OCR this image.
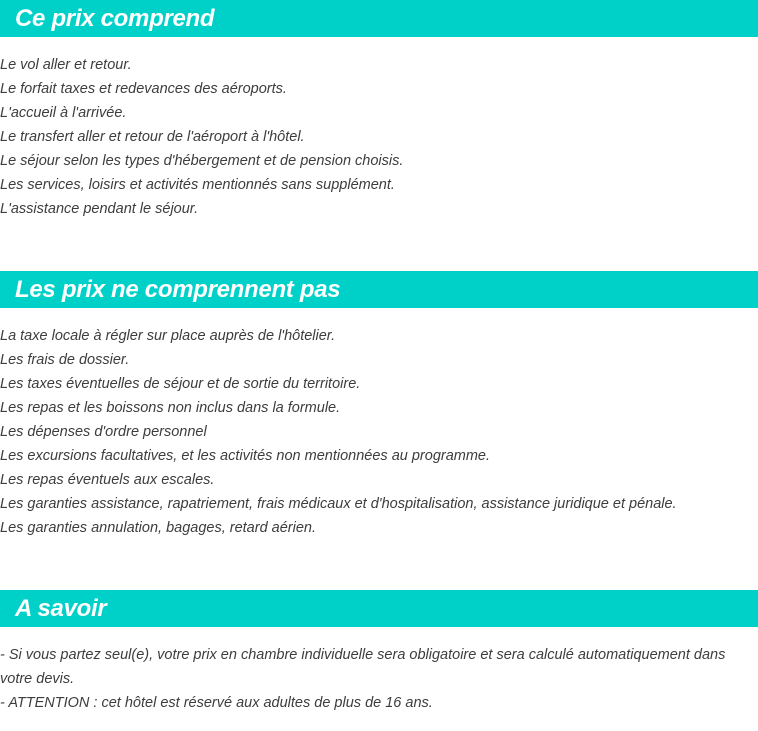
Ce prix comprend
Le vol aller et retour.
Le forfait taxes et redevances des aéroports.
L'accueil à l'arrivée.
Le transfert aller et retour de l'aéroport à l'hôtel.
Le séjour selon les types d'hébergement et de pension choisis.
Les services, loisirs et activités mentionnés sans supplément.
L'assistance pendant le séjour.
Les prix ne comprennent pas
La taxe locale à régler sur place auprès de l'hôtelier.
Les frais de dossier.
Les taxes éventuelles de séjour et de sortie du territoire.
Les repas et les boissons non inclus dans la formule.
Les dépenses d'ordre personnel
Les excursions facultatives, et les activités non mentionnées au programme.
Les repas éventuels aux escales.
Les garanties assistance, rapatriement, frais médicaux et d'hospitalisation, assistance juridique et pénale.
Les garanties annulation, bagages, retard aérien.
A savoir
- Si vous partez seul(e), votre prix en chambre individuelle sera obligatoire et sera calculé automatiquement dans votre devis.
- ATTENTION : cet hôtel est réservé aux adultes de plus de 16 ans.
